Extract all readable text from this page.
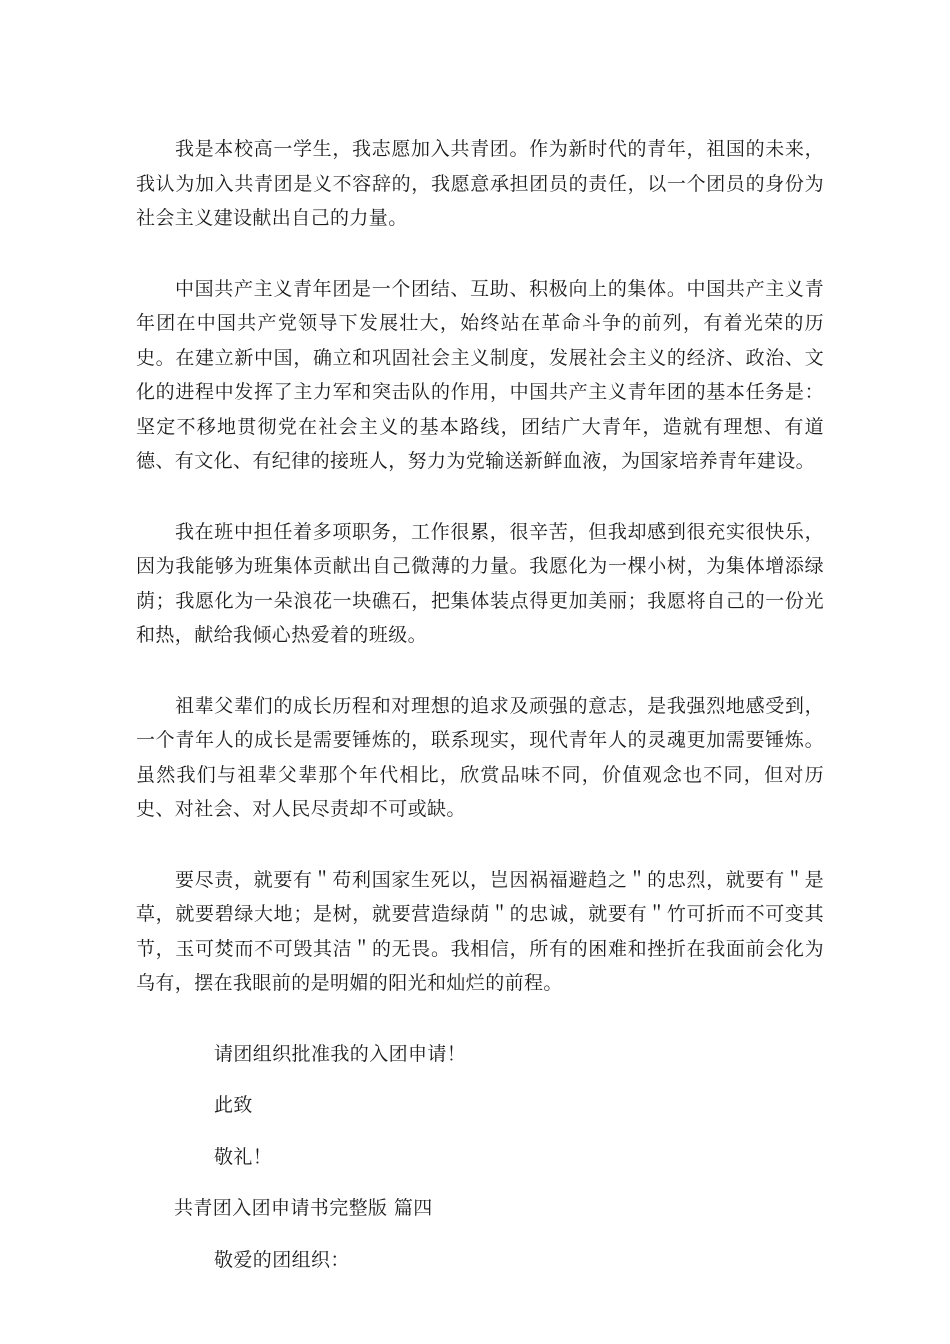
我是本校高一学生，我志愿加入共青团。作为新时代的青年，祖国的未来，我认为加入共青团是义不容辞的，我愿意承担团员的责任，以一个团员的身份为社会主义建设献出自己的力量。

中国共产主义青年团是一个团结、互助、积极向上的集体。中国共产主义青年团在中国共产党领导下发展壮大，始终站在革命斗争的前列，有着光荣的历史。在建立新中国，确立和巩固社会主义制度，发展社会主义的经济、政治、文化的进程中发挥了主力军和突击队的作用，中国共产主义青年团的基本任务是：坚定不移地贯彻党在社会主义的基本路线，团结广大青年，造就有理想、有道德、有文化、有纪律的接班人，努力为党输送新鲜血液，为国家培养青年建设。

我在班中担任着多项职务，工作很累，很辛苦，但我却感到很充实很快乐，因为我能够为班集体贡献出自己微薄的力量。我愿化为一棵小树，为集体增添绿荫；我愿化为一朵浪花一块礁石，把集体装点得更加美丽；我愿将自己的一份光和热，献给我倾心热爱着的班级。

祖辈父辈们的成长历程和对理想的追求及顽强的意志，是我强烈地感受到，一个青年人的成长是需要锤炼的，联系现实，现代青年人的灵魂更加需要锤炼。虽然我们与祖辈父辈那个年代相比，欣赏品味不同，价值观念也不同，但对历史、对社会、对人民尽责却不可或缺。

要尽责，就要有＂苟利国家生死以，岂因祸福避趋之＂的忠烈，就要有＂是草，就要碧绿大地；是树，就要营造绿荫＂的忠诚，就要有＂竹可折而不可变其节，玉可焚而不可毁其洁＂的无畏。我相信，所有的困难和挫折在我面前会化为乌有，摆在我眼前的是明媚的阳光和灿烂的前程。

请团组织批准我的入团申请！

此致

敬礼！

共青团入团申请书完整版 篇四

敬爱的团组织：
